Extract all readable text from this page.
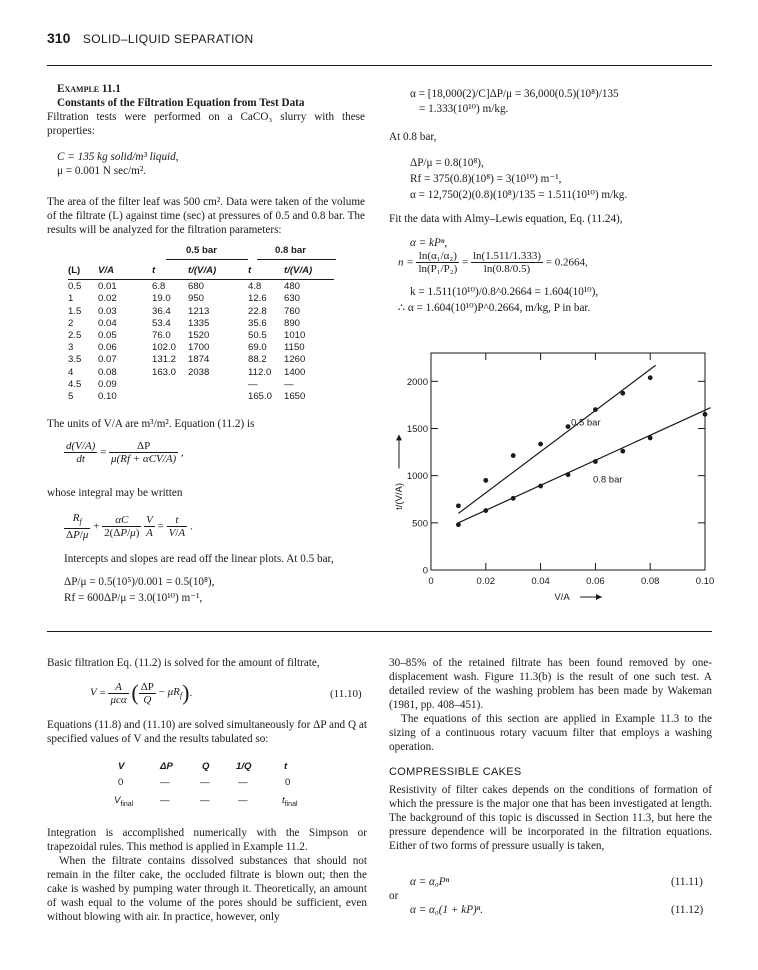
310 SOLID–LIQUID SEPARATION
Example 11.1
Constants of the Filtration Equation from Test Data
Filtration tests were performed on a CaCO₃ slurry with these properties:
C = 135 kg solid/m³ liquid,
μ = 0.001 N sec/m².
The area of the filter leaf was 500 cm². Data were taken of the volume of the filtrate (L) against time (sec) at pressures of 0.5 and 0.8 bar. The results will be analyzed for the filtration parameters:
0.5 bar	0.8 bar
(L)	V/A	t	t/(V/A)	t	t/(V/A)

0.5	0.01	6.8	680	4.8	480
1	0.02	19.0	950	12.6	630
1.5	0.03	36.4	1213	22.8	760
2	0.04	53.4	1335	35.6	890
2.5	0.05	76.0	1520	50.5	1010
3	0.06	102.0	1700	69.0	1150
3.5	0.07	131.2	1874	88.2	1260
4	0.08	163.0	2038	112.0	1400
4.5	0.09			—	—
5	0.10			165.0	1650
The units of V/A are m³/m². Equation (11.2) is
$\frac{d(V/A)}{dt} = \frac{\Delta P}{\text{μ(Rf + αCV/A)}}$ ,
whose integral may be written
$\frac{R_f}{\Delta P/\mu} + \frac{\alpha C}{2(\Delta P/\mu)}$
$\frac{V}{A} = \frac{t}{V/A}$ .
Intercepts and slopes are read off the linear plots. At 0.5 bar,
ΔP/μ = 0.5(10⁵)/0.001 = 0.5(10⁸),
Rf = 600ΔP/μ = 3.0(10¹⁰) m⁻¹,
α = [18,000(2)/C]ΔP/μ = 36,000(0.5)(10⁸)/135
= 1.333(10¹⁰) m/kg.
At 0.8 bar,
ΔP/μ = 0.8(10⁸),
Rf = 375(0.8)(10⁸) = 3(10¹⁰) m⁻¹,
α = 12,750(2)(0.8)(10⁸)/135 = 1.511(10¹⁰) m/kg.
Fit the data with Almy–Lewis equation, Eq. (11.24),
α = kPⁿ,
$n = \frac{\text{ln(α₁/α₂)}}{\text{ln(P₁/P₂)}} = \frac{\ln(1.511/1.333)}{\ln(0.8/0.5)} = 0.2664$,
k = 1.511(10¹⁰)/0.8^0.2664 = 1.604(10¹⁰),
∴ α = 1.604(10¹⁰)P^0.2664, m/kg, P in bar.
0	0.02	0.04	0.06	0.08	0.10
0
500
1000
1500
2000
0.5 bar
0.8 bar
V/A
t/(V/A)
Basic filtration Eq. (11.2) is solved for the amount of filtrate,
$V = \frac{A}{\text{μcα}}$ ( $\frac{\Delta P}{Q} - \mu R_f$).	(11.10)
Equations (11.8) and (11.10) are solved simultaneously for ΔP and Q at specified values of V and the results tabulated so:
V	ΔP	Q	1/Q	t
0	—	—	—	0
$V_{final}$	—	—	—	$t_{final}$
Integration is accomplished numerically with the Simpson or trapezoidal rules. This method is applied in Example 11.2.
When the filtrate contains dissolved substances that should not remain in the filter cake, the occluded filtrate is blown out; then the cake is washed by pumping water through it. Theoretically, an amount of wash equal to the volume of the pores should be sufficient, even without blowing with air. In practice, however, only
30–85% of the retained filtrate has been found removed by one-displacement wash. Figure 11.3(b) is the result of one such test. A detailed review of the washing problem has been made by Wakeman (1981, pp. 408–451).
The equations of this section are applied in Example 11.3 to the sizing of a continuous rotary vacuum filter that employs a washing operation.
COMPRESSIBLE CAKES
Resistivity of filter cakes depends on the conditions of formation of which the pressure is the major one that has been investigated at length. The background of this topic is discussed in Section 11.3, but here the pressure dependence will be incorporated in the filtration equations. Either of two forms of pressure usually is taken,
α = α₀Pⁿ	(11.11)
or
α = α₀(1 + kP)ⁿ.	(11.12)
